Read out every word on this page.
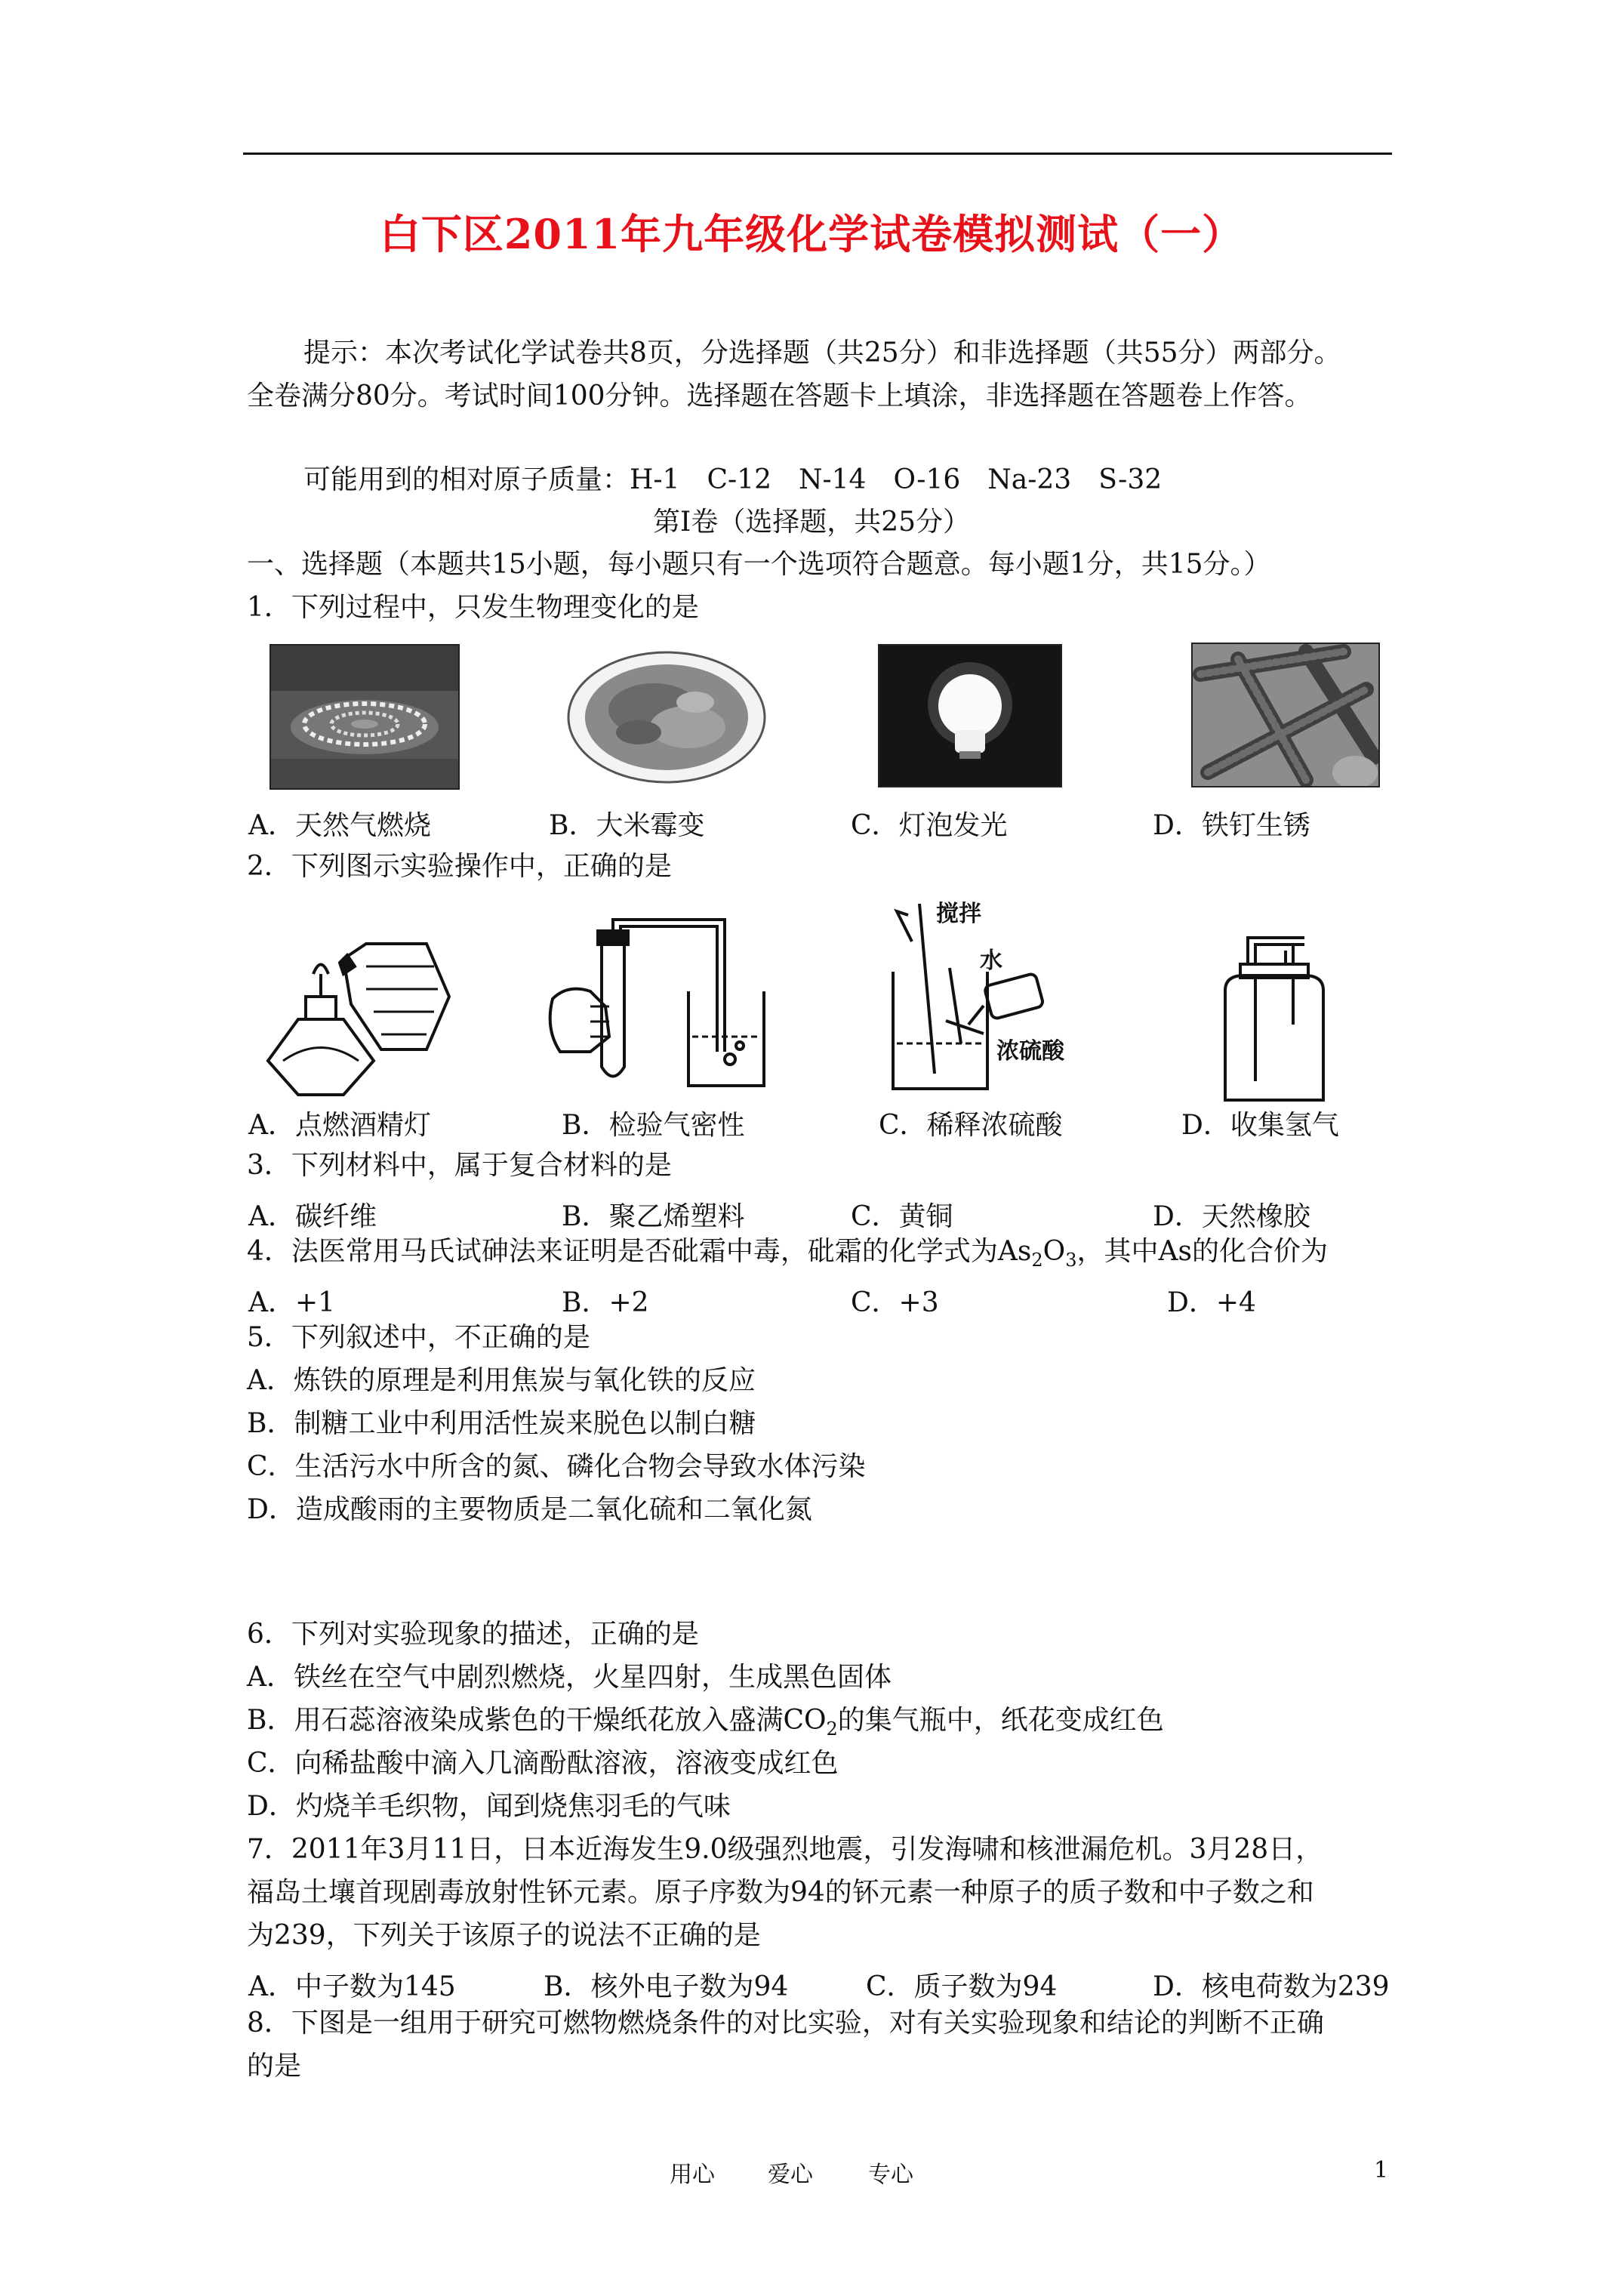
白下区2011年九年级化学试卷模拟测试（一）
提示：本次考试化学试卷共8页，分选择题（共25分）和非选择题（共55分）两部分。
全卷满分80分。考试时间100分钟。选择题在答题卡上填涂，非选择题在答题卷上作答。
可能用到的相对原子质量：H-1　C-12　N-14　O-16　Na-23　S-32
第Ⅰ卷（选择题，共25分）
一、选择题（本题共15小题，每小题只有一个选项符合题意。每小题1分，共15分。）
1．下列过程中，只发生物理变化的是
A．天然气燃烧	B．大米霉变	C．灯泡发光	D．铁钉生锈
2．下列图示实验操作中，正确的是
搅拌
水
浓硫酸
A．点燃酒精灯	B．检验气密性	C．稀释浓硫酸	D．收集氢气
3．下列材料中，属于复合材料的是
A．碳纤维	B．聚乙烯塑料	C．黄铜	D．天然橡胶
4．法医常用马氏试砷法来证明是否砒霜中毒，砒霜的化学式为$As_2O_3$，其中As的化合价为
A．+1	B．+2	C．+3	D．+4
5．下列叙述中，不正确的是
A．炼铁的原理是利用焦炭与氧化铁的反应
B．制糖工业中利用活性炭来脱色以制白糖
C．生活污水中所含的氮、磷化合物会导致水体污染
D．造成酸雨的主要物质是二氧化硫和二氧化氮
6．下列对实验现象的描述，正确的是
A．铁丝在空气中剧烈燃烧，火星四射，生成黑色固体
B．用石蕊溶液染成紫色的干燥纸花放入盛满$CO_2$的集气瓶中，纸花变成红色
C．向稀盐酸中滴入几滴酚酞溶液，溶液变成红色
D．灼烧羊毛织物，闻到烧焦羽毛的气味
7．2011年3月11日，日本近海发生9.0级强烈地震，引发海啸和核泄漏危机。3月28日，
福岛土壤首现剧毒放射性钚元素。原子序数为94的钚元素一种原子的质子数和中子数之和
为239，下列关于该原子的说法不正确的是
A．中子数为145	B．核外电子数为94	C．质子数为94	D．核电荷数为239
8．下图是一组用于研究可燃物燃烧条件的对比实验，对有关实验现象和结论的判断不正确
的是
用心 爱心 专心	1
